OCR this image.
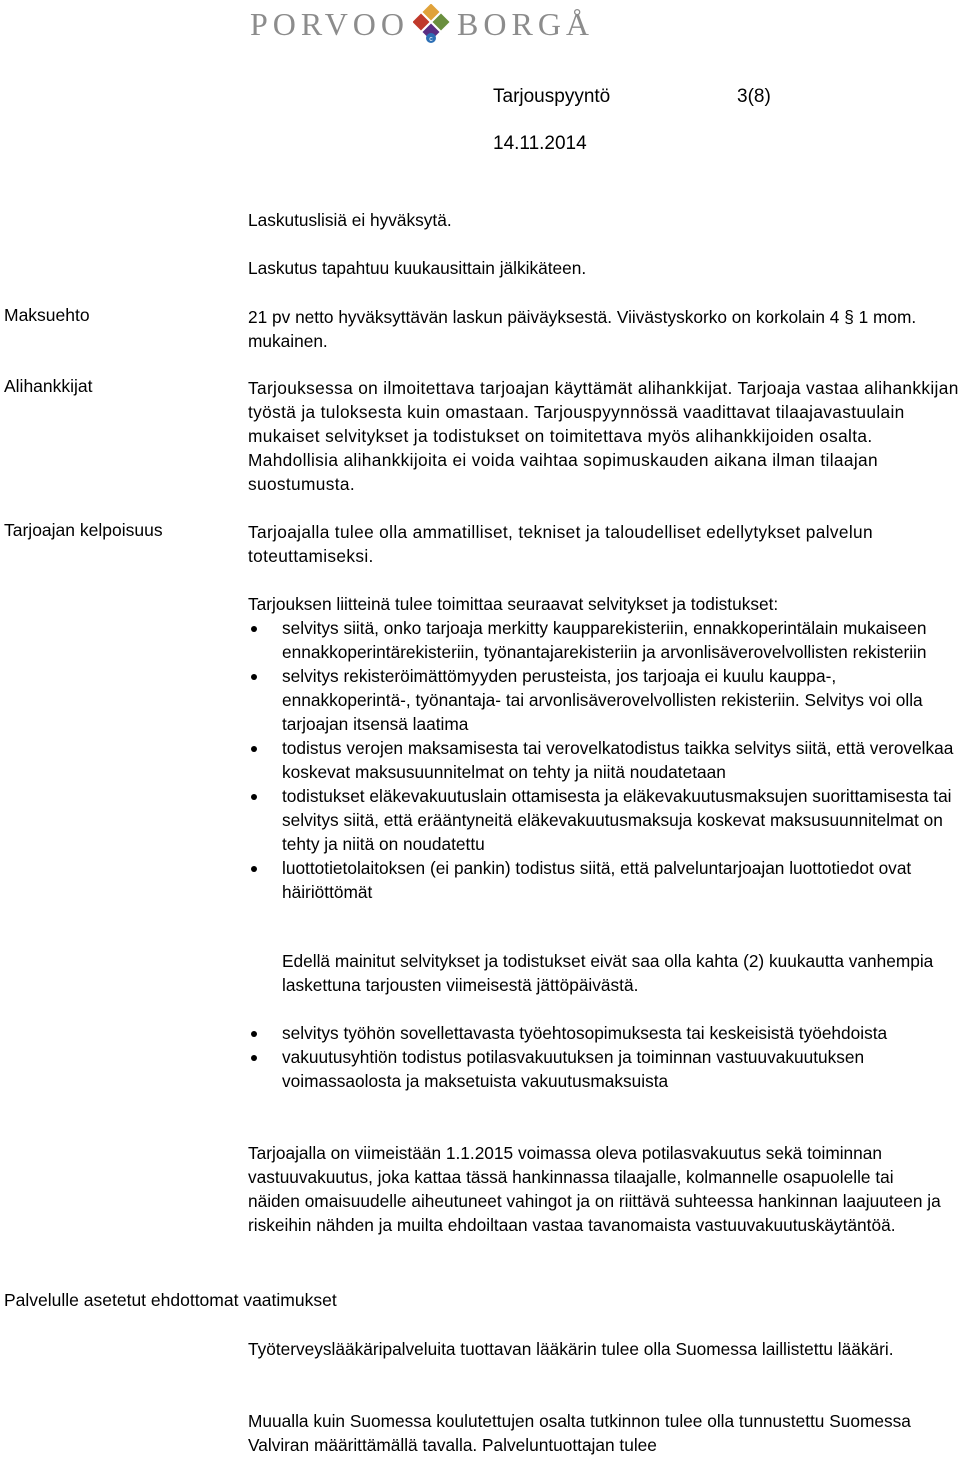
PORVOO	c BORGÅ
Tarjouspyyntö	3(8)
14.11.2014
Laskutuslisiä ei hyväksytä.
Laskutus tapahtuu kuukausittain jälkikäteen.
Maksuehto	21 pv netto hyväksyttävän laskun päiväyksestä. Viivästyskorko on korkolain 4 § 1 mom. mukainen.
Alihankkijat	Tarjouksessa on ilmoitettava tarjoajan käyttämät alihankkijat. Tarjoaja vastaa alihankkijan työstä ja tuloksesta kuin omastaan. Tarjouspyynnössä vaadittavat tilaajavastuulain mukaiset selvitykset ja todistukset on toimitettava myös alihankkijoiden osalta. Mahdollisia alihankkijoita ei voida vaihtaa sopimuskauden aikana ilman tilaajan suostumusta.
Tarjoajan kelpoisuus	Tarjoajalla tulee olla ammatilliset, tekniset ja taloudelliset edellytykset palvelun toteuttamiseksi.

Tarjouksen liitteinä tulee toimittaa seuraavat selvitykset ja todistukset:

selvitys siitä, onko tarjoaja merkitty kaupparekisteriin, ennakkoperintälain mukaiseen ennakkoperintärekisteriin, työnantajarekisteriin ja arvonlisäverovelvollisten rekisteriin
selvitys rekisteröimättömyyden perusteista, jos tarjoaja ei kuulu kauppa-, ennakkoperintä-, työnantaja- tai arvonlisäverovelvollisten rekisteriin. Selvitys voi olla tarjoajan itsensä laatima
todistus verojen maksamisesta tai verovelkatodistus taikka selvitys siitä, että verovelkaa koskevat maksusuunnitelmat on tehty ja niitä noudatetaan
todistukset eläkevakuutuslain ottamisesta ja eläkevakuutusmaksujen suorittamisesta tai selvitys siitä, että erääntyneitä eläkevakuutusmaksuja koskevat maksusuunnitelmat on tehty ja niitä on noudatettu
luottotietolaitoksen (ei pankin) todistus siitä, että palveluntarjoajan luottotiedot ovat häiriöttömät

Edellä mainitut selvitykset ja todistukset eivät saa olla kahta (2) kuukautta vanhempia laskettuna tarjousten viimeisestä jättöpäivästä.

selvitys työhön sovellettavasta työehtosopimuksesta tai keskeisistä työehdoista
vakuutusyhtiön todistus potilasvakuutuksen ja toiminnan vastuuvakuutuksen voimassaolosta ja maksetuista vakuutusmaksuista
Tarjoajalla on viimeistään 1.1.2015 voimassa oleva potilasvakuutus sekä toiminnan vastuuvakuutus, joka kattaa tässä hankinnassa tilaajalle, kolmannelle osapuolelle tai näiden omaisuudelle aiheutuneet vahingot ja on riittävä suhteessa hankinnan laajuuteen ja riskeihin nähden ja muilta ehdoiltaan vastaa tavanomaista vastuuvakuutuskäytäntöä.
Palvelulle asetetut ehdottomat vaatimukset
Työterveyslääkäripalveluita tuottavan lääkärin tulee olla Suomessa laillistettu lääkäri.
Muualla kuin Suomessa koulutettujen osalta tutkinnon tulee olla tunnustettu Suomessa Valviran määrittämällä tavalla. Palveluntuottajan tulee
